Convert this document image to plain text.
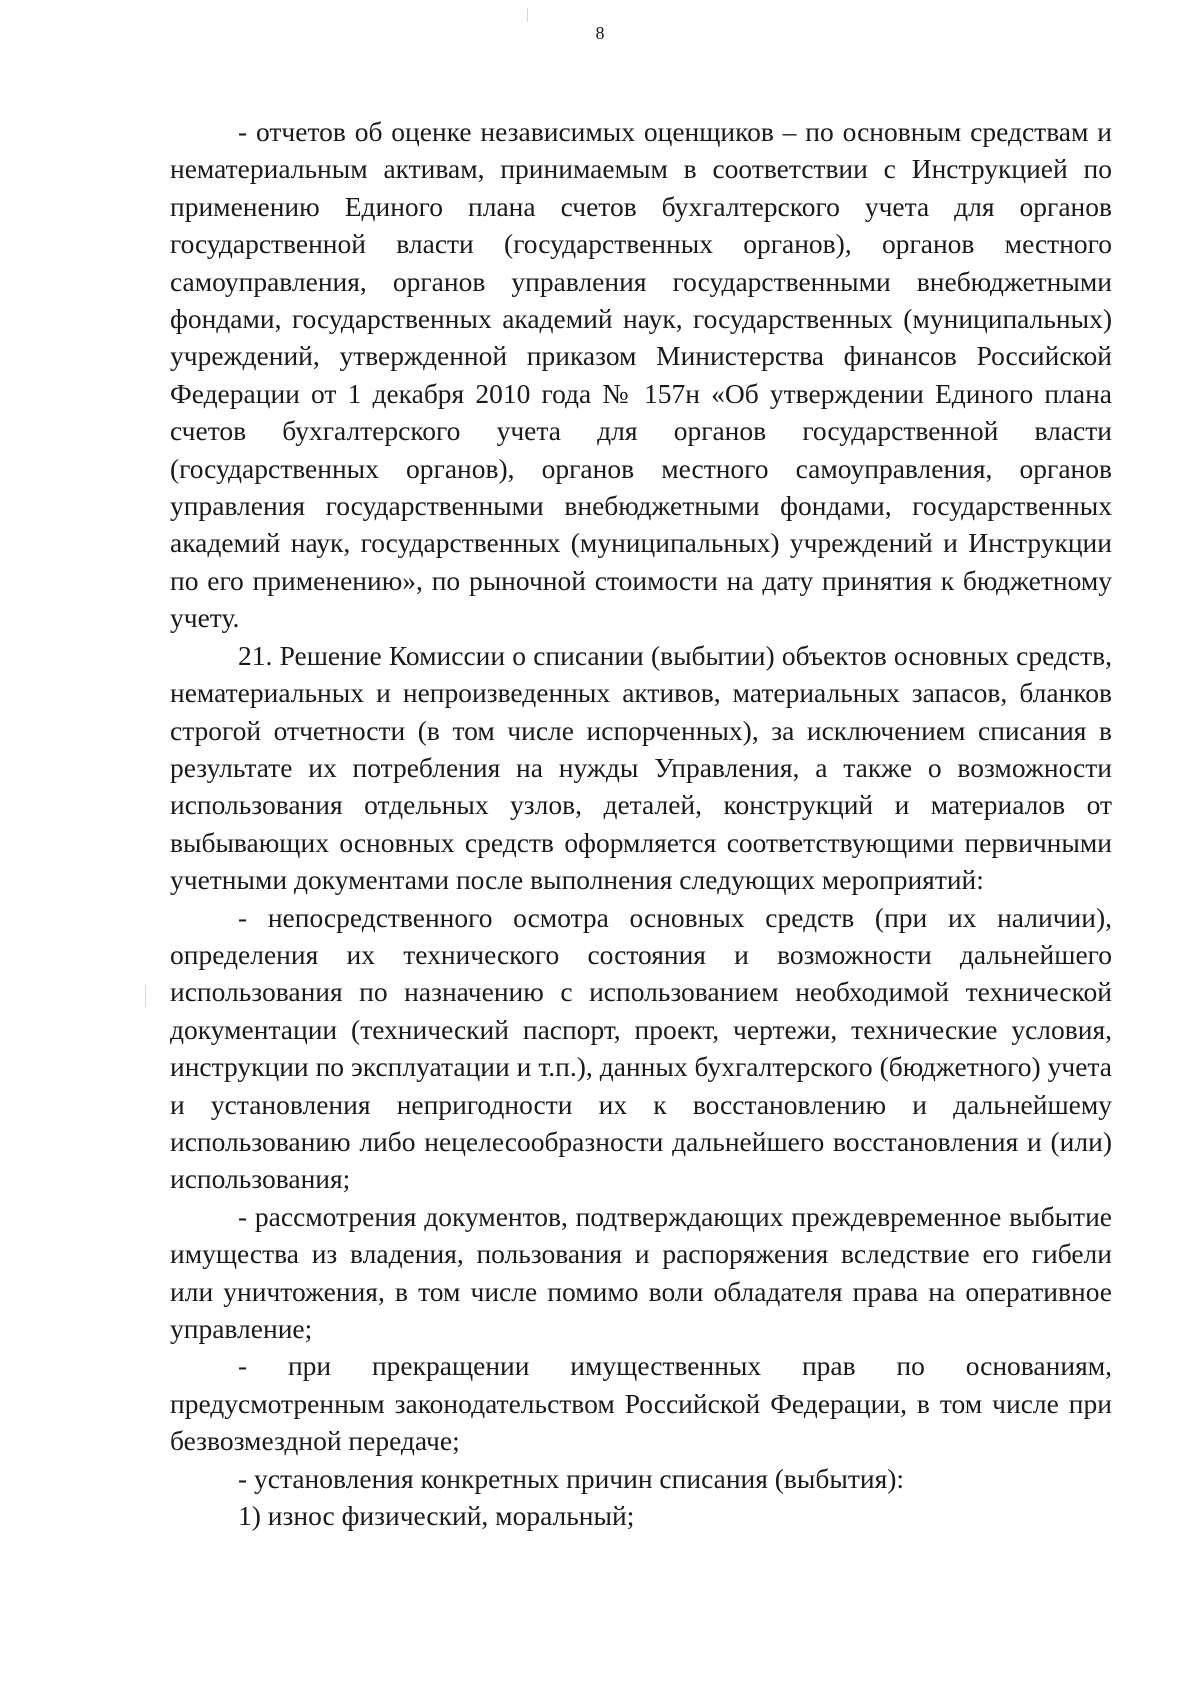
8

- отчетов об оценке независимых оценщиков – по основным средствам и нематериальным активам, принимаемым в соответствии с Инструкцией по применению Единого плана счетов бухгалтерского учета для органов государственной власти (государственных органов), органов местного самоуправления, органов управления государственными внебюджетными фондами, государственных академий наук, государственных (муниципальных) учреждений, утвержденной приказом Министерства финансов Российской Федерации от 1 декабря 2010 года № 157н «Об утверждении Единого плана счетов бухгалтерского учета для органов государственной власти (государственных органов), органов местного самоуправления, органов управления государственными внебюджетными фондами, государственных академий наук, государственных (муниципальных) учреждений и Инструкции по его применению», по рыночной стоимости на дату принятия к бюджетному учету.

21. Решение Комиссии о списании (выбытии) объектов основных средств, нематериальных и непроизведенных активов, материальных запасов, бланков строгой отчетности (в том числе испорченных), за исключением списания в результате их потребления на нужды Управления, а также о возможности использования отдельных узлов, деталей, конструкций и материалов от выбывающих основных средств оформляется соответствующими первичными учетными документами после выполнения следующих мероприятий:

- непосредственного осмотра основных средств (при их наличии), определения их технического состояния и возможности дальнейшего использования по назначению с использованием необходимой технической документации (технический паспорт, проект, чертежи, технические условия, инструкции по эксплуатации и т.п.), данных бухгалтерского (бюджетного) учета и установления непригодности их к восстановлению и дальнейшему использованию либо нецелесообразности дальнейшего восстановления и (или) использования;

- рассмотрения документов, подтверждающих преждевременное выбытие имущества из владения, пользования и распоряжения вследствие его гибели или уничтожения, в том числе помимо воли обладателя права на оперативное управление;

- при прекращении имущественных прав по основаниям, предусмотренным законодательством Российской Федерации, в том числе при безвозмездной передаче;

- установления конкретных причин списания (выбытия):

1) износ физический, моральный;
